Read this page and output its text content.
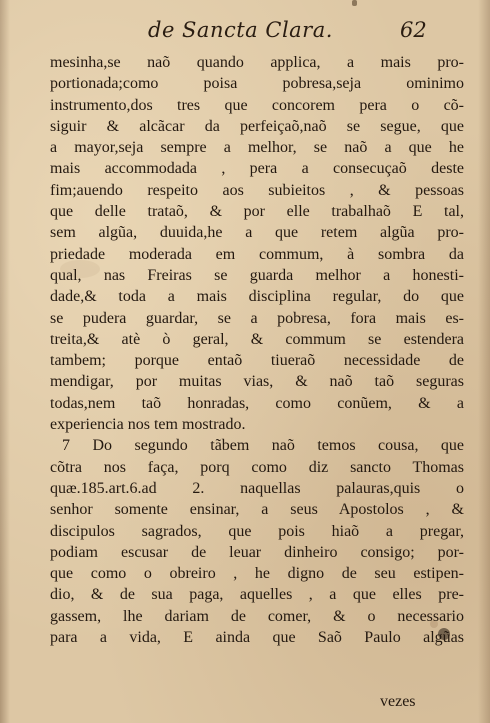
de Sancta Clara.	62
mesinha,se naõ quando applica, a mais pro-
portionada;como poisa pobresa,seja ominimo
instrumento,dos tres que concorem pera o cõ-
siguir & alcãcar da perfeiçaõ,naõ se segue, que
a mayor,seja sempre a melhor, se naõ a que he
mais accommodada , pera a consecuçaõ deste
fim;auendo respeito aos subieitos , & pessoas
que delle trataõ, & por elle trabalhaõ E tal,
sem algũa, duuida,he a que retem algũa pro-
priedade moderada em commum, à sombra da
qual, nas Freiras se guarda melhor a honesti-
dade,& toda a mais disciplina regular, do que
se pudera guardar, se a pobresa, fora mais es-
treita,& atè ò geral, & commum se estendera
tambem; porque entaõ tiueraõ necessidade de
mendigar, por muitas vias, & naõ taõ seguras
todas,nem taõ honradas, como conũem, & a
experiencia nos tem mostrado.
7 Do segundo tãbem naõ temos cousa, que
cõtra nos faça, porq como diz sancto Thomas
quæ.185.art.6.ad 2. naquellas palauras,quis o
senhor somente ensinar, a seus Apostolos , &
discipulos sagrados, que pois hiaõ a pregar,
podiam escusar de leuar dinheiro consigo; por-
que como o obreiro , he digno de seu estipen-
dio, & de sua paga, aquelles , a que elles pre-
gassem, lhe dariam de comer, & o necessario
para a vida, E ainda que Saõ Paulo algũas
vezes
